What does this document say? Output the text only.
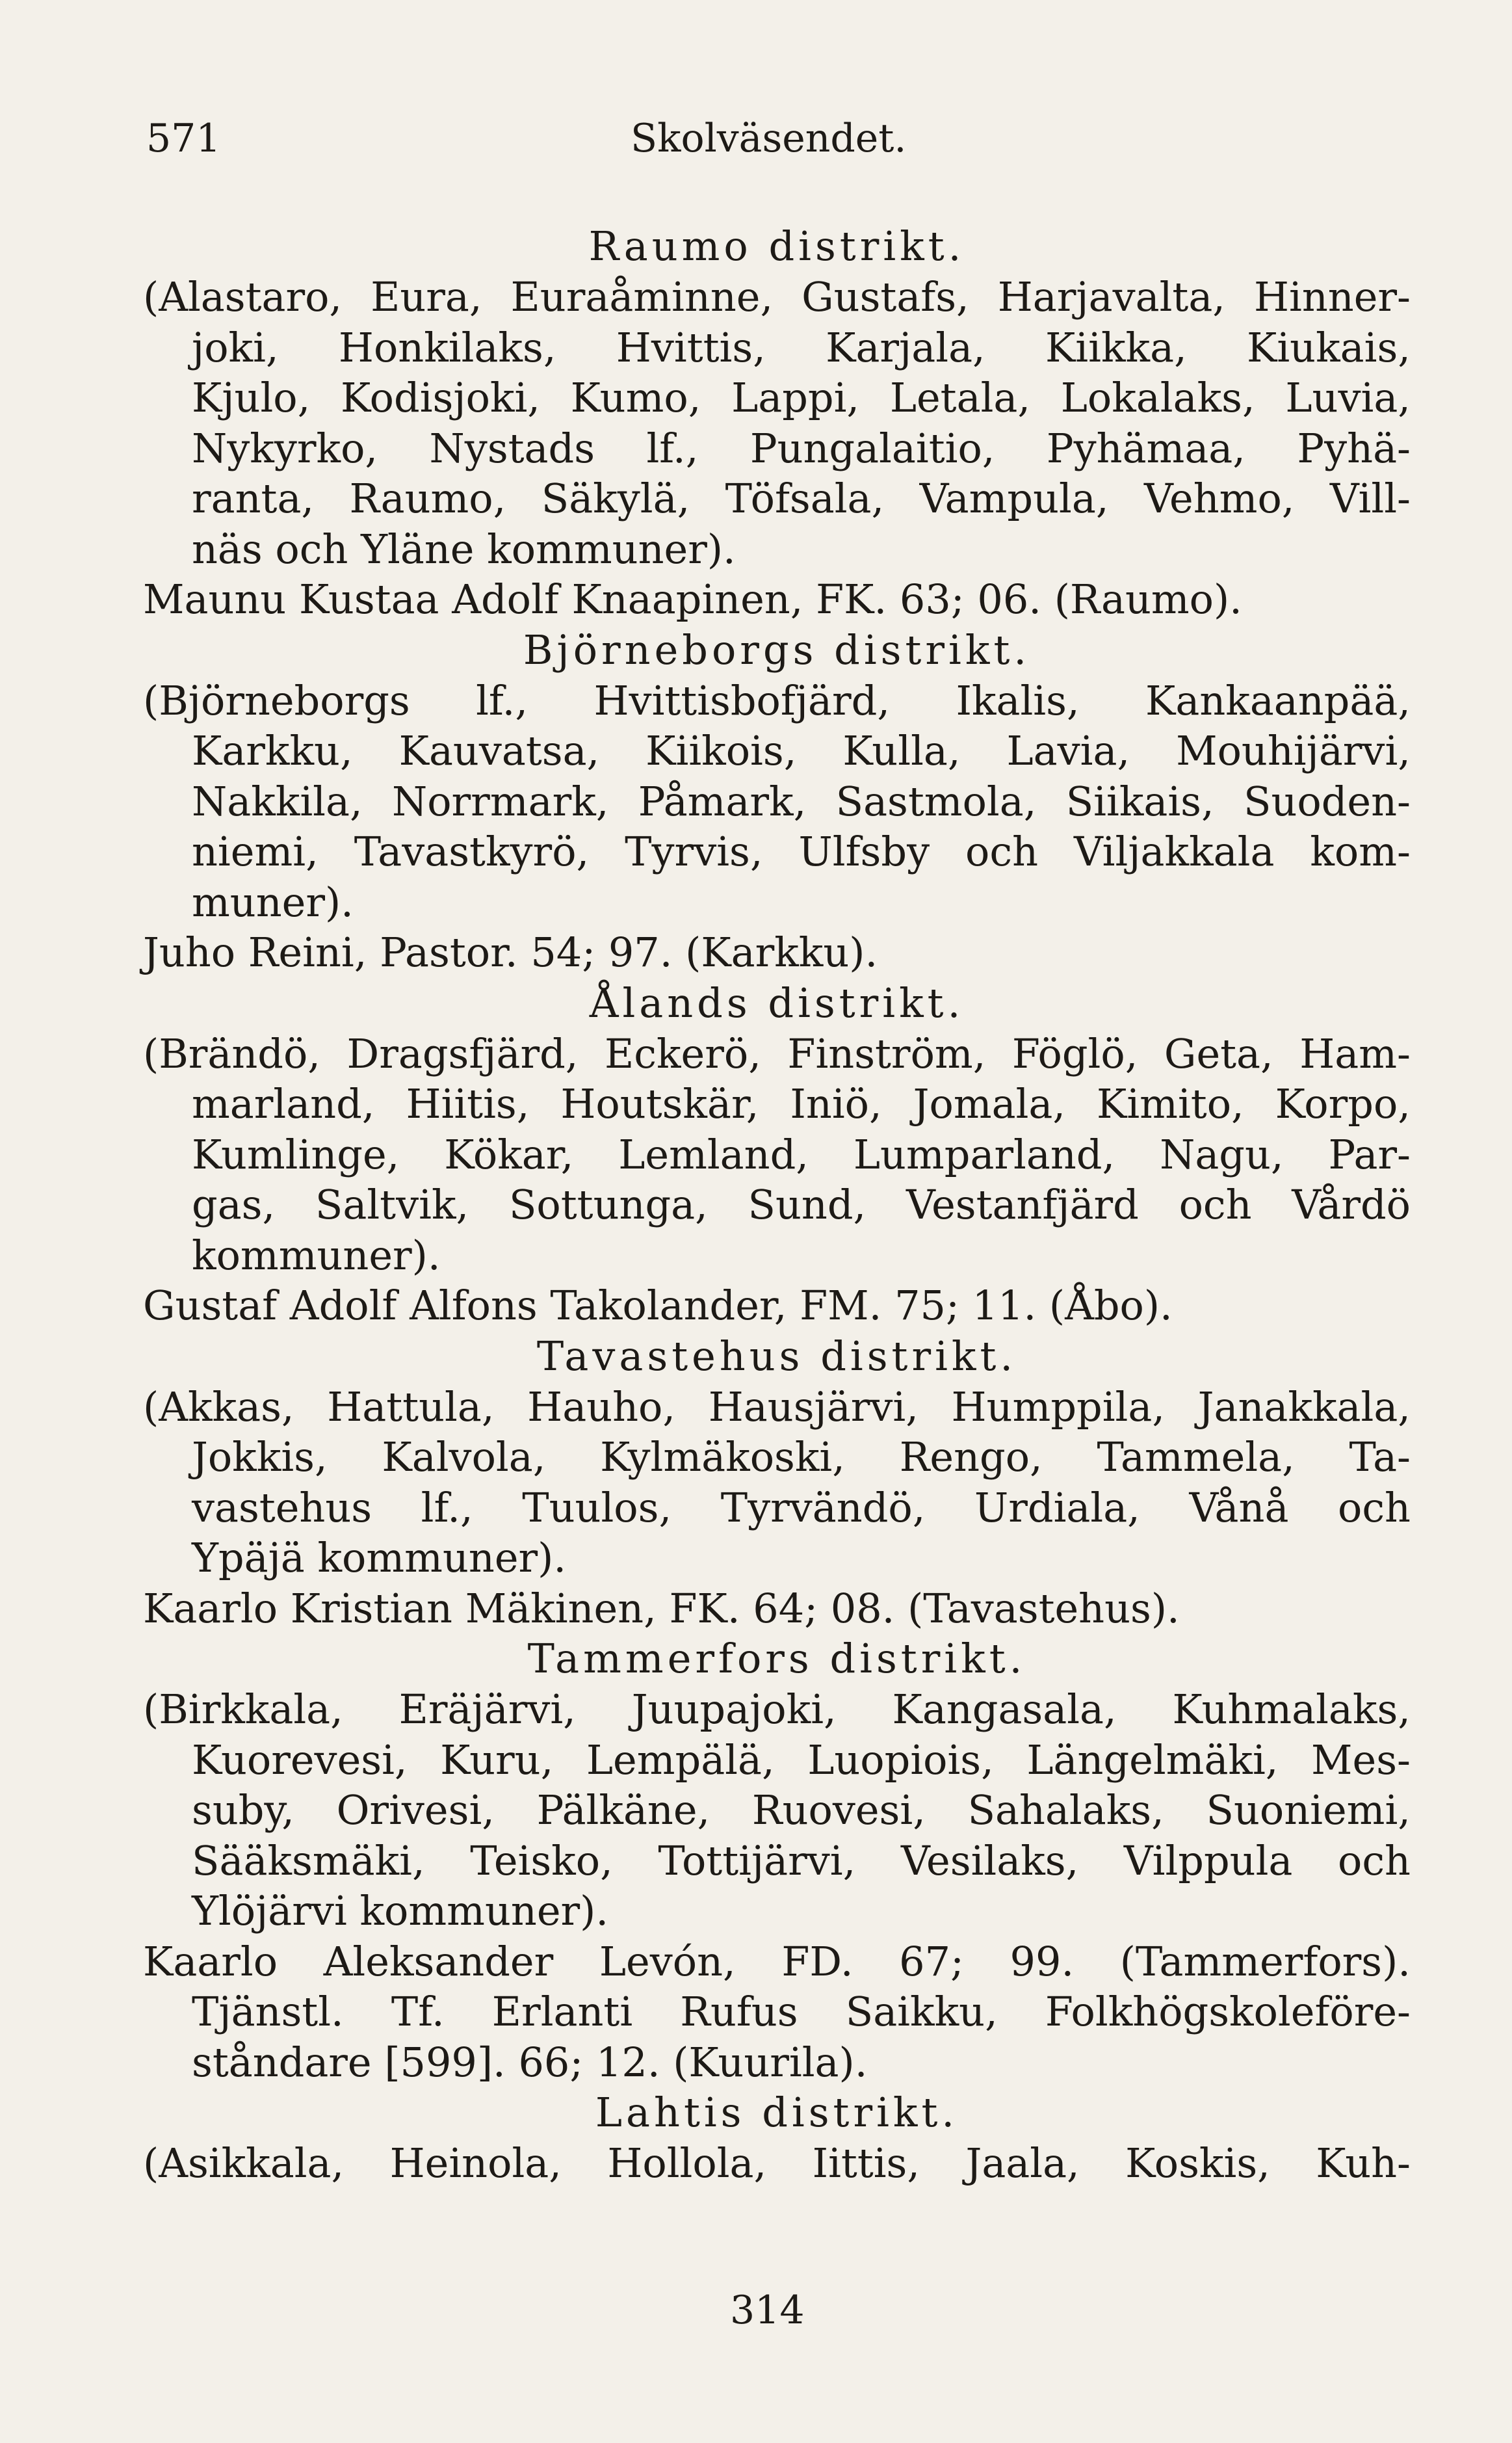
571	Skolväsendet.
Raumo distrikt.
(Alastaro, Eura, Euraåminne, Gustafs, Harjavalta, Hinner-
joki, Honkilaks, Hvittis, Karjala, Kiikka, Kiukais,
Kjulo, Kodisjoki, Kumo, Lappi, Letala, Lokalaks, Luvia,
Nykyrko, Nystads lf., Pungalaitio, Pyhämaa, Pyhä-
ranta, Raumo, Säkylä, Töfsala, Vampula, Vehmo, Vill-
näs och Yläne kommuner).
Maunu Kustaa Adolf Knaapinen, FK. 63; 06. (Raumo).
Björneborgs distrikt.
(Björneborgs lf., Hvittisbofjärd, Ikalis, Kankaanpää,
Karkku, Kauvatsa, Kiikois, Kulla, Lavia, Mouhijärvi,
Nakkila, Norrmark, Påmark, Sastmola, Siikais, Suoden-
niemi, Tavastkyrö, Tyrvis, Ulfsby och Viljakkala kom-
muner).
Juho Reini, Pastor. 54; 97. (Karkku).
Ålands distrikt.
(Brändö, Dragsfjärd, Eckerö, Finström, Föglö, Geta, Ham-
marland, Hiitis, Houtskär, Iniö, Jomala, Kimito, Korpo,
Kumlinge, Kökar, Lemland, Lumparland, Nagu, Par-
gas, Saltvik, Sottunga, Sund, Vestanfjärd och Vårdö
kommuner).
Gustaf Adolf Alfons Takolander, FM. 75; 11. (Åbo).
Tavastehus distrikt.
(Akkas, Hattula, Hauho, Hausjärvi, Humppila, Janakkala,
Jokkis, Kalvola, Kylmäkoski, Rengo, Tammela, Ta-
vastehus lf., Tuulos, Tyrvändö, Urdiala, Vånå och
Ypäjä kommuner).
Kaarlo Kristian Mäkinen, FK. 64; 08. (Tavastehus).
Tammerfors distrikt.
(Birkkala, Eräjärvi, Juupajoki, Kangasala, Kuhmalaks,
Kuorevesi, Kuru, Lempälä, Luopiois, Längelmäki, Mes-
suby, Orivesi, Pälkäne, Ruovesi, Sahalaks, Suoniemi,
Sääksmäki, Teisko, Tottijärvi, Vesilaks, Vilppula och
Ylöjärvi kommuner).
Kaarlo Aleksander Levón, FD. 67; 99. (Tammerfors).
Tjänstl. Tf. Erlanti Rufus Saikku, Folkhögskoleföre-
ståndare [599]. 66; 12. (Kuurila).
Lahtis distrikt.
(Asikkala, Heinola, Hollola, Iittis, Jaala, Koskis, Kuh-
314
